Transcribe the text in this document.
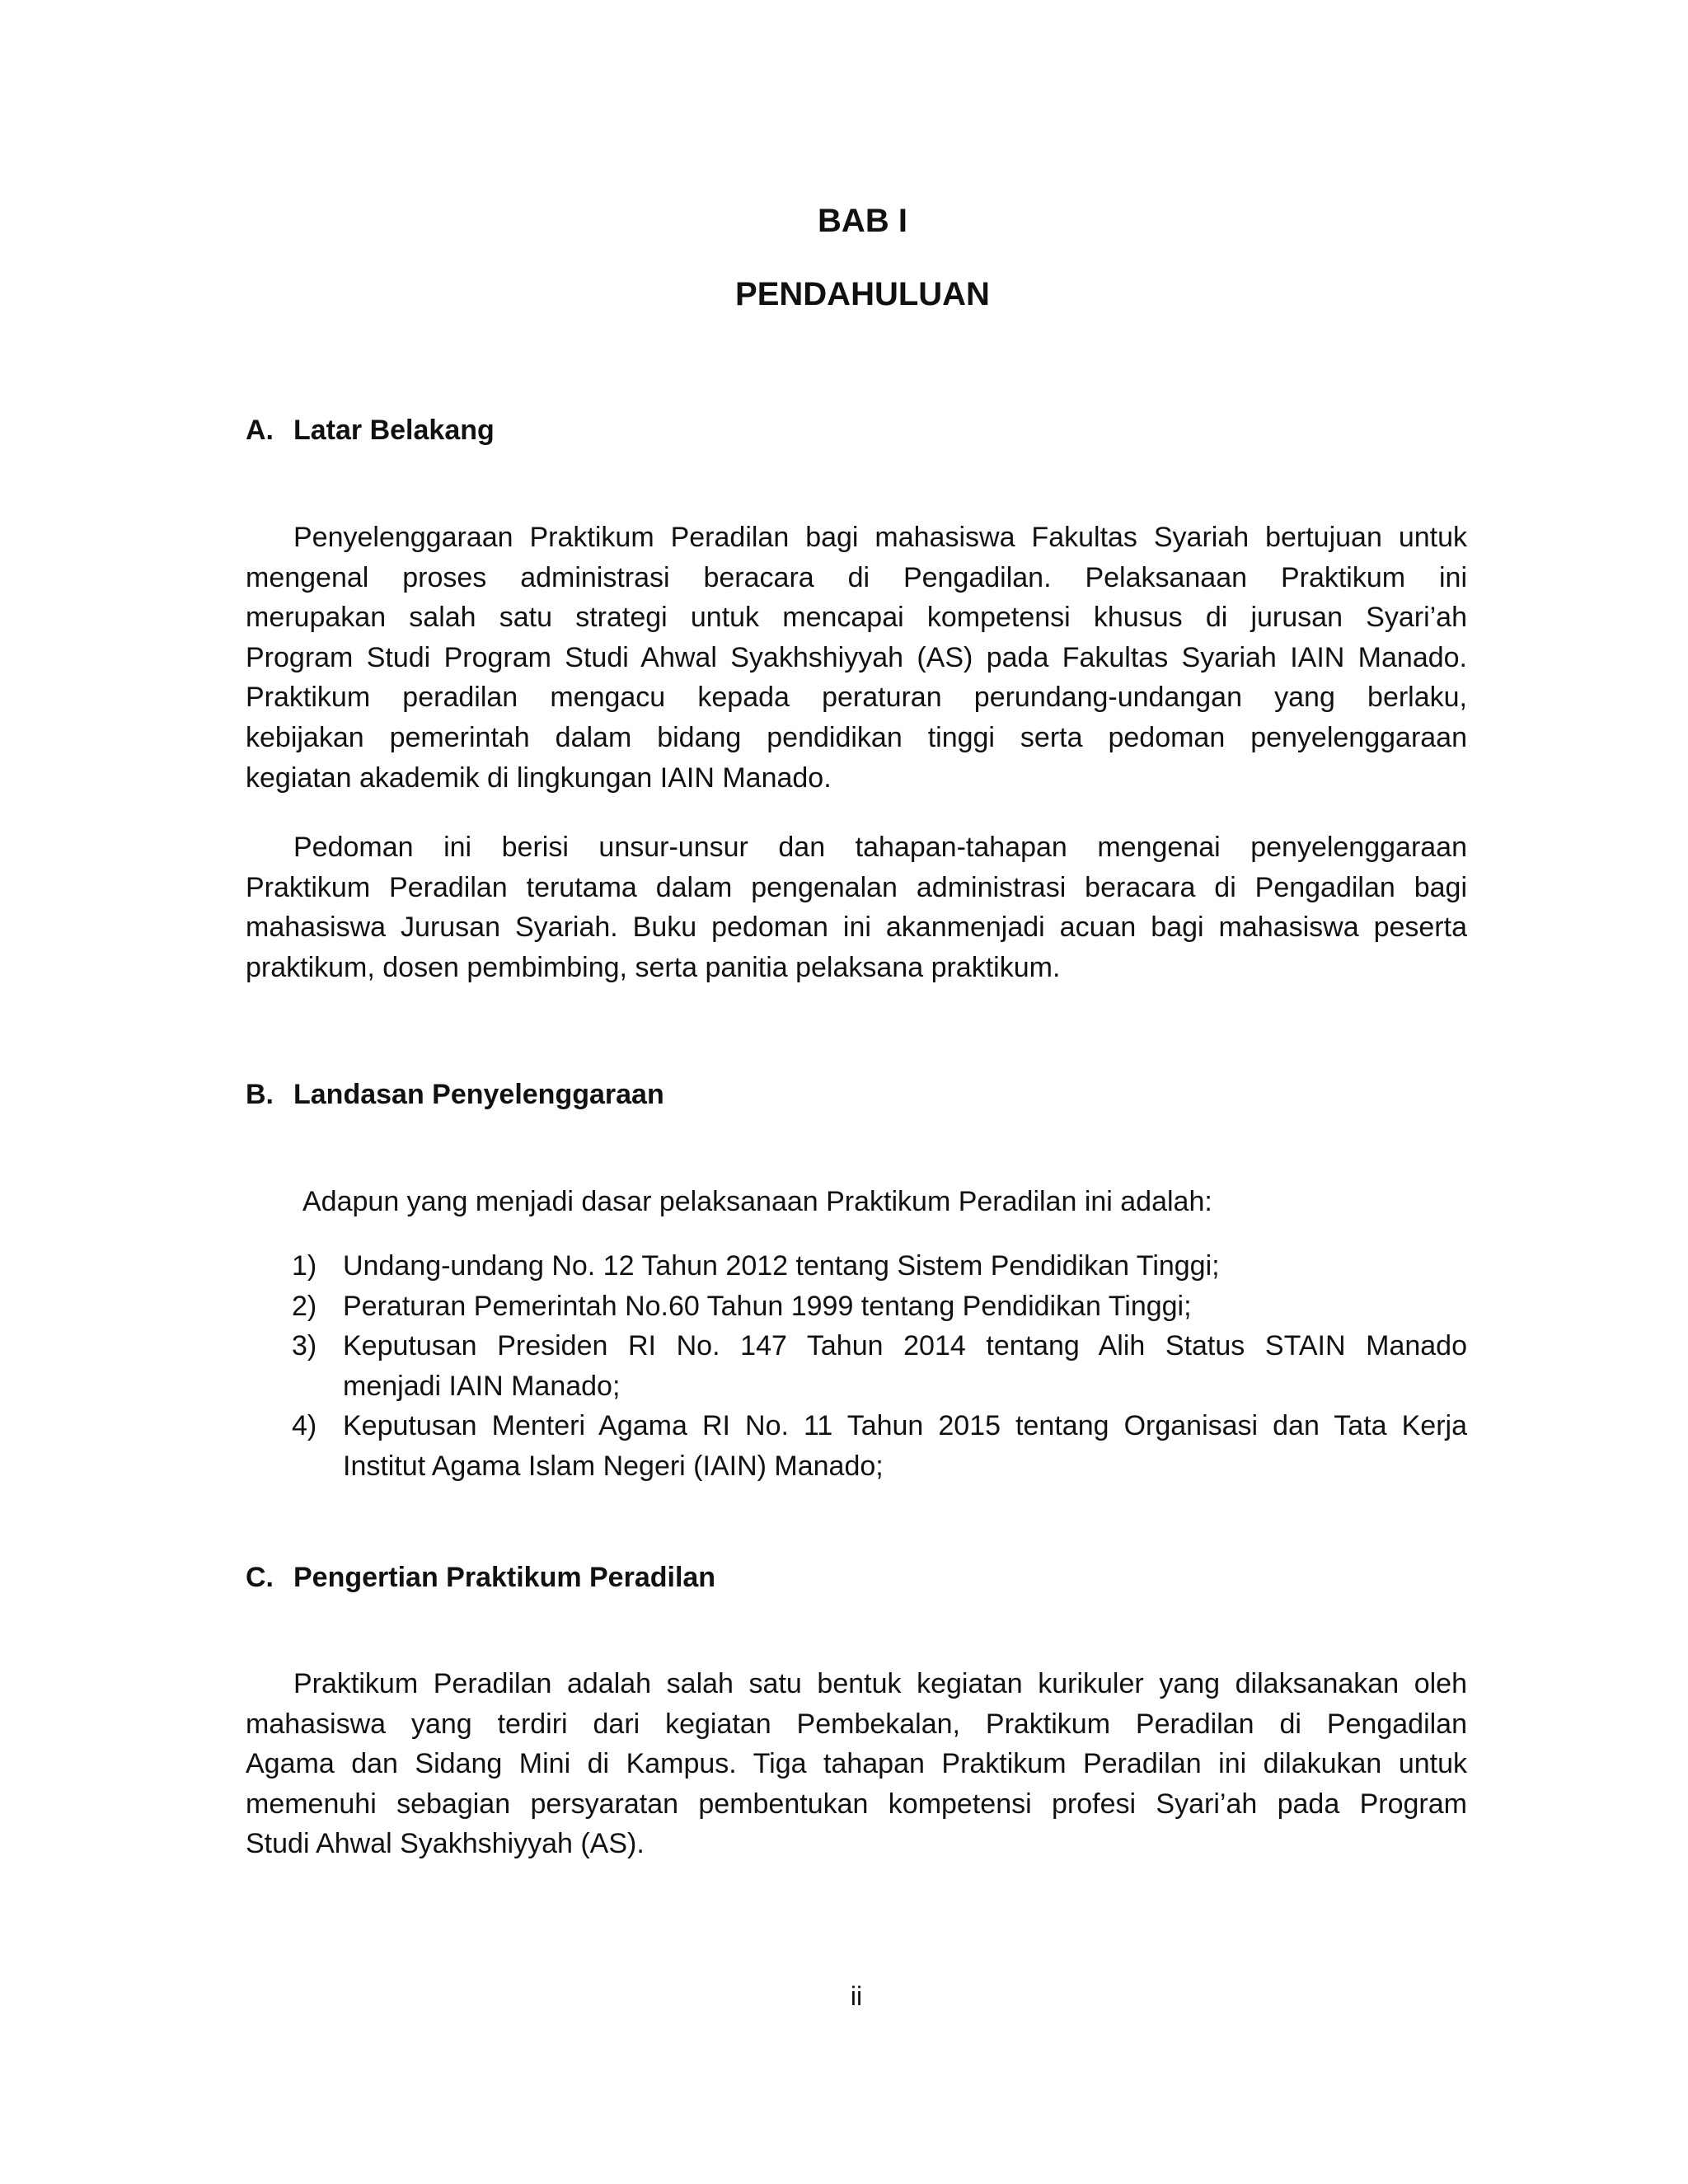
BAB I
PENDAHULUAN
A. Latar Belakang

Penyelenggaraan Praktikum Peradilan bagi mahasiswa Fakultas Syariah bertujuan untuk
mengenal proses administrasi beracara di Pengadilan. Pelaksanaan Praktikum ini
merupakan salah satu strategi untuk mencapai kompetensi khusus di jurusan Syari’ah
Program Studi Program Studi Ahwal Syakhshiyyah (AS) pada Fakultas Syariah IAIN Manado.
Praktikum peradilan mengacu kepada peraturan perundang-undangan yang berlaku,
kebijakan pemerintah dalam bidang pendidikan tinggi serta pedoman penyelenggaraan
kegiatan akademik di lingkungan IAIN Manado.

Pedoman ini berisi unsur-unsur dan tahapan-tahapan mengenai penyelenggaraan
Praktikum Peradilan terutama dalam pengenalan administrasi beracara di Pengadilan bagi
mahasiswa Jurusan Syariah. Buku pedoman ini akanmenjadi acuan bagi mahasiswa peserta
praktikum, dosen pembimbing, serta panitia pelaksana praktikum.

B. Landasan Penyelenggaraan
Adapun yang menjadi dasar pelaksanaan Praktikum Peradilan ini adalah:
1) Undang-undang No. 12 Tahun 2012 tentang Sistem Pendidikan Tinggi;
2) Peraturan Pemerintah No.60 Tahun 1999 tentang Pendidikan Tinggi;
3) Keputusan Presiden RI No. 147 Tahun 2014 tentang Alih Status STAIN Manado
menjadi IAIN Manado;
4) Keputusan Menteri Agama RI No. 11 Tahun 2015 tentang Organisasi dan Tata Kerja
Institut Agama Islam Negeri (IAIN) Manado;
C. Pengertian Praktikum Peradilan

Praktikum Peradilan adalah salah satu bentuk kegiatan kurikuler yang dilaksanakan oleh
mahasiswa yang terdiri dari kegiatan Pembekalan, Praktikum Peradilan di Pengadilan
Agama dan Sidang Mini di Kampus. Tiga tahapan Praktikum Peradilan ini dilakukan untuk
memenuhi sebagian persyaratan pembentukan kompetensi profesi Syari’ah pada Program
Studi Ahwal Syakhshiyyah (AS).

ii
